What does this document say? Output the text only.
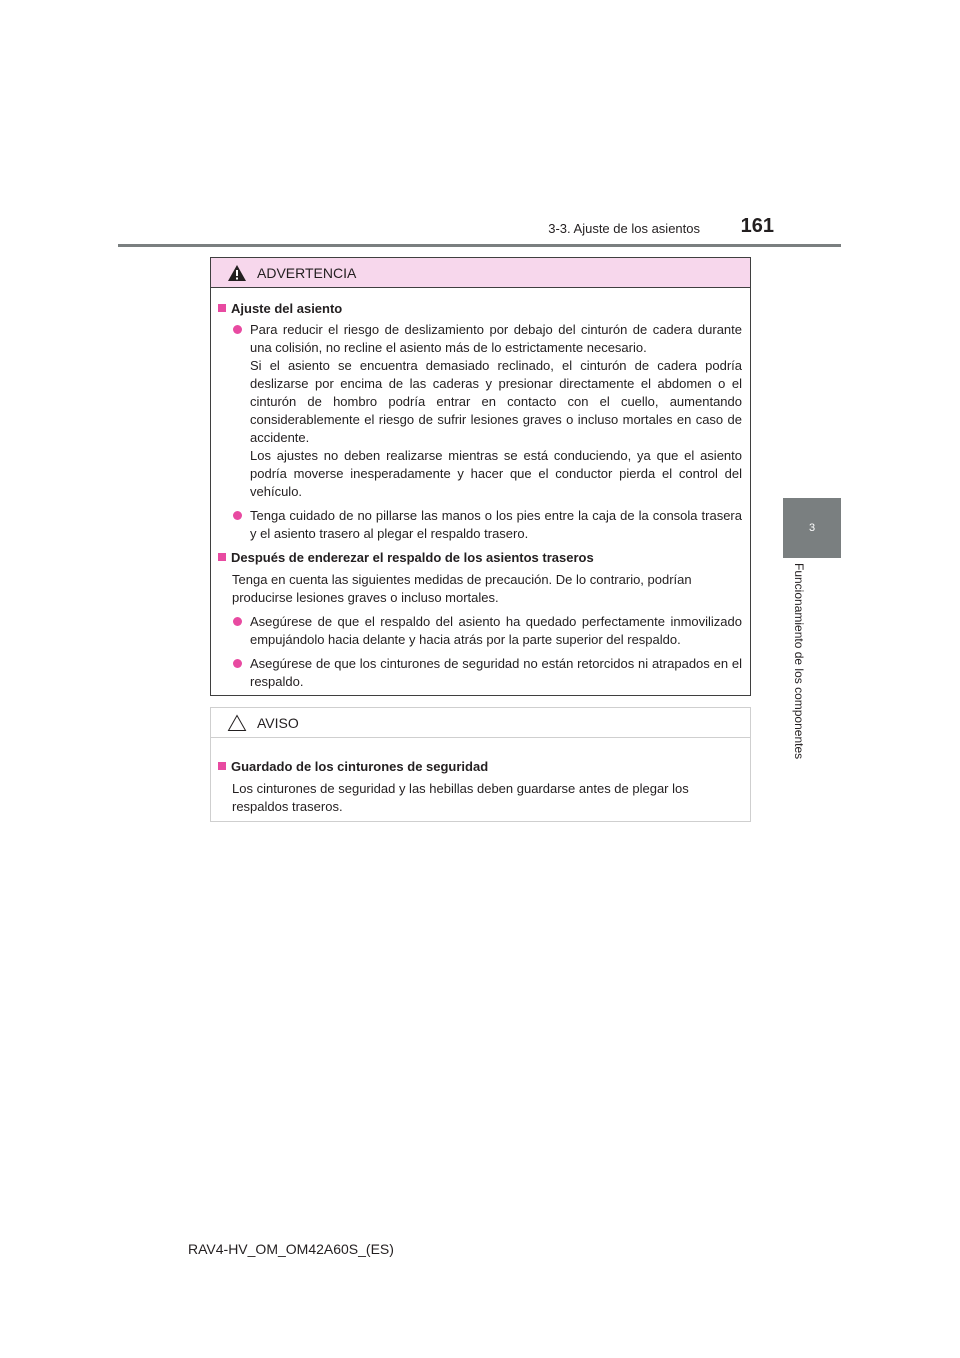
3-3. Ajuste de los asientos	161
3
Funcionamiento de los componentes
ADVERTENCIA
Ajuste del asiento
Para reducir el riesgo de deslizamiento por debajo del cinturón de cadera durante una colisión, no recline el asiento más de lo estrictamente necesario.
Si el asiento se encuentra demasiado reclinado, el cinturón de cadera podría deslizarse por encima de las caderas y presionar directamente el abdomen o el cinturón de hombro podría entrar en contacto con el cuello, aumentando considerablemente el riesgo de sufrir lesiones graves o incluso mortales en caso de accidente.
Los ajustes no deben realizarse mientras se está conduciendo, ya que el asiento podría moverse inesperadamente y hacer que el conductor pierda el control del vehículo.
Tenga cuidado de no pillarse las manos o los pies entre la caja de la consola trasera y el asiento trasero al plegar el respaldo trasero.
Después de enderezar el respaldo de los asientos traseros
Tenga en cuenta las siguientes medidas de precaución. De lo contrario, podrían producirse lesiones graves o incluso mortales.
Asegúrese de que el respaldo del asiento ha quedado perfectamente inmovilizado empujándolo hacia delante y hacia atrás por la parte superior del respaldo.
Asegúrese de que los cinturones de seguridad no están retorcidos ni atrapados en el respaldo.
AVISO
Guardado de los cinturones de seguridad
Los cinturones de seguridad y las hebillas deben guardarse antes de plegar los respaldos traseros.
RAV4-HV_OM_OM42A60S_(ES)
